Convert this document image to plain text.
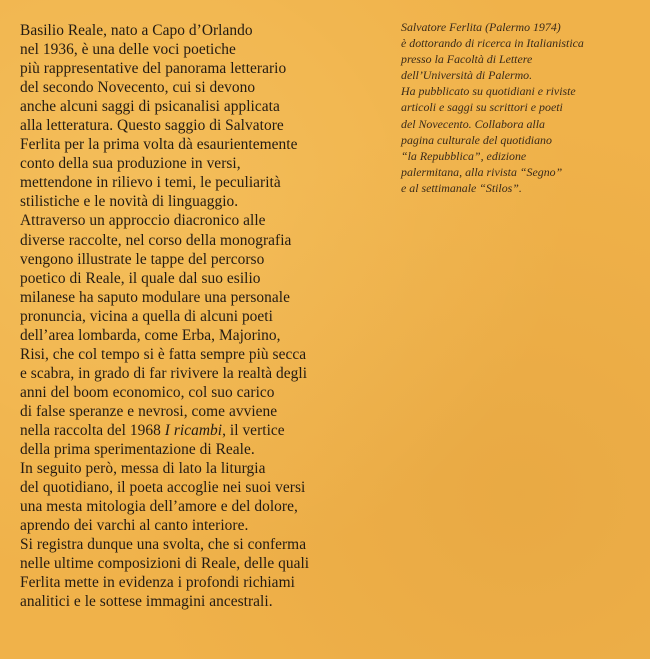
Basilio Reale, nato a Capo d’Orlando
nel 1936, è una delle voci poetiche
più rappresentative del panorama letterario
del secondo Novecento, cui si devono
anche alcuni saggi di psicanalisi applicata
alla letteratura. Questo saggio di Salvatore
Ferlita per la prima volta dà esaurientemente
conto della sua produzione in versi,
mettendone in rilievo i temi, le peculiarità
stilistiche e le novità di linguaggio.
Attraverso un approccio diacronico alle
diverse raccolte, nel corso della monografia
vengono illustrate le tappe del percorso
poetico di Reale, il quale dal suo esilio
milanese ha saputo modulare una personale
pronuncia, vicina a quella di alcuni poeti
dell’area lombarda, come Erba, Majorino,
Risi, che col tempo si è fatta sempre più secca
e scabra, in grado di far rivivere la realtà degli
anni del boom economico, col suo carico
di false speranze e nevrosi, come avviene
nella raccolta del 1968 I ricambi, il vertice
della prima sperimentazione di Reale.
In seguito però, messa di lato la liturgia
del quotidiano, il poeta accoglie nei suoi versi
una mesta mitologia dell’amore e del dolore,
aprendo dei varchi al canto interiore.
Si registra dunque una svolta, che si conferma
nelle ultime composizioni di Reale, delle quali
Ferlita mette in evidenza i profondi richiami
analitici e le sottese immagini ancestrali.
Salvatore Ferlita (Palermo 1974)
è dottorando di ricerca in Italianistica
presso la Facoltà di Lettere
dell’Università di Palermo.
Ha pubblicato su quotidiani e riviste
articoli e saggi su scrittori e poeti
del Novecento. Collabora alla
pagina culturale del quotidiano
“la Repubblica”, edizione
palermitana, alla rivista “Segno”
e al settimanale “Stilos”.
